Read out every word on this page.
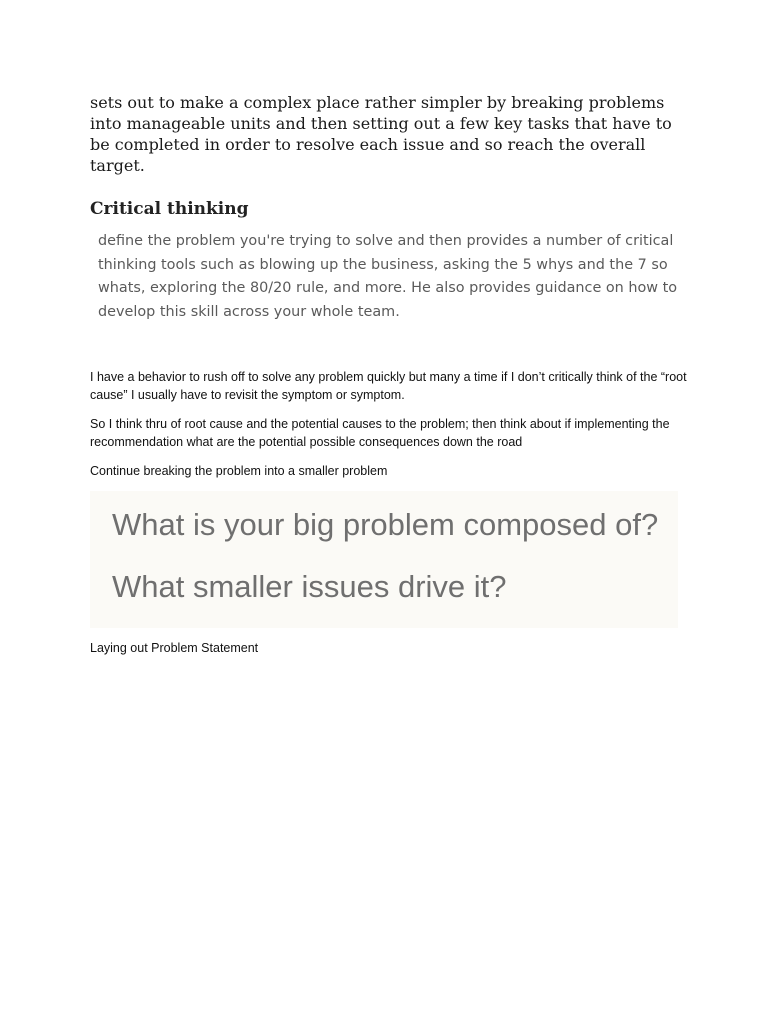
sets out to make a complex place rather simpler by breaking problems into manageable units and then setting out a few key tasks that have to be completed in order to resolve each issue and so reach the overall target.

Critical thinking

define the problem you're trying to solve and then provides a number of critical thinking tools such as blowing up the business, asking the 5 whys and the 7 so whats, exploring the 80/20 rule, and more. He also provides guidance on how to develop this skill across your whole team.

I have a behavior to rush off to solve any problem quickly but many a time if I don’t critically think of the “root cause” I usually have to revisit the symptom or symptom.

So I think thru of root cause and the potential causes to the problem; then think about if implementing the recommendation what are the potential possible consequences down the road

Continue breaking the problem into a smaller problem

What is your big problem composed of?

What smaller issues drive it?

Laying out Problem Statement
